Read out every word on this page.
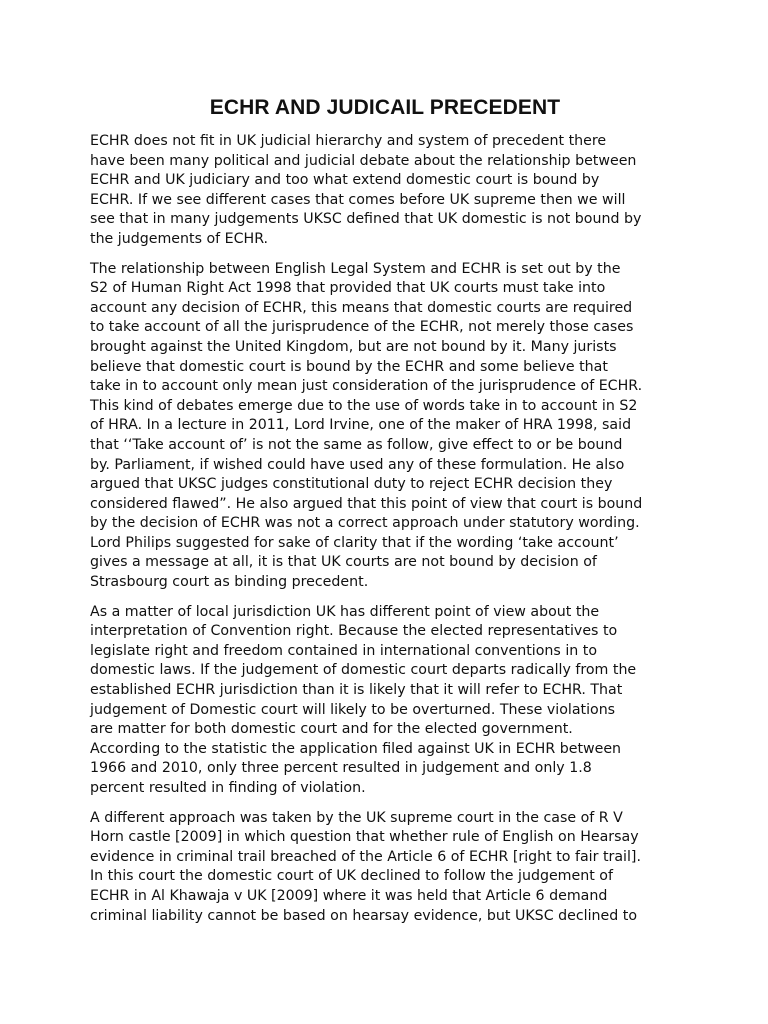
ECHR AND JUDICAIL PRECEDENT

ECHR does not fit in UK judicial hierarchy and system of precedent there
have been many political and judicial debate about the relationship between
ECHR and UK judiciary and too what extend domestic court is bound by
ECHR. If we see different cases that comes before UK supreme then we will
see that in many judgements UKSC defined that UK domestic is not bound by
the judgements of ECHR.

The relationship between English Legal System and ECHR is set out by the
S2 of Human Right Act 1998 that provided that UK courts must take into
account any decision of ECHR, this means that domestic courts are required
to take account of all the jurisprudence of the ECHR, not merely those cases
brought against the United Kingdom, but are not bound by it. Many jurists
believe that domestic court is bound by the ECHR and some believe that
take in to account only mean just consideration of the jurisprudence of ECHR.
This kind of debates emerge due to the use of words take in to account in S2
of HRA. In a lecture in 2011, Lord Irvine, one of the maker of HRA 1998, said
that ‘‘Take account of’ is not the same as follow, give effect to or be bound
by. Parliament, if wished could have used any of these formulation. He also
argued that UKSC judges constitutional duty to reject ECHR decision they
considered flawed”. He also argued that this point of view that court is bound
by the decision of ECHR was not a correct approach under statutory wording.
Lord Philips suggested for sake of clarity that if the wording ‘take account’
gives a message at all, it is that UK courts are not bound by decision of
Strasbourg court as binding precedent.

As a matter of local jurisdiction UK has different point of view about the
interpretation of Convention right. Because the elected representatives to
legislate right and freedom contained in international conventions in to
domestic laws. If the judgement of domestic court departs radically from the
established ECHR jurisdiction than it is likely that it will refer to ECHR. That
judgement of Domestic court will likely to be overturned. These violations
are matter for both domestic court and for the elected government.
According to the statistic the application filed against UK in ECHR between
1966 and 2010, only three percent resulted in judgement and only 1.8
percent resulted in finding of violation.

A different approach was taken by the UK supreme court in the case of R V
Horn castle [2009] in which question that whether rule of English on Hearsay
evidence in criminal trail breached of the Article 6 of ECHR [right to fair trail].
In this court the domestic court of UK declined to follow the judgement of
ECHR in Al Khawaja v UK [2009] where it was held that Article 6 demand
criminal liability cannot be based on hearsay evidence, but UKSC declined to
